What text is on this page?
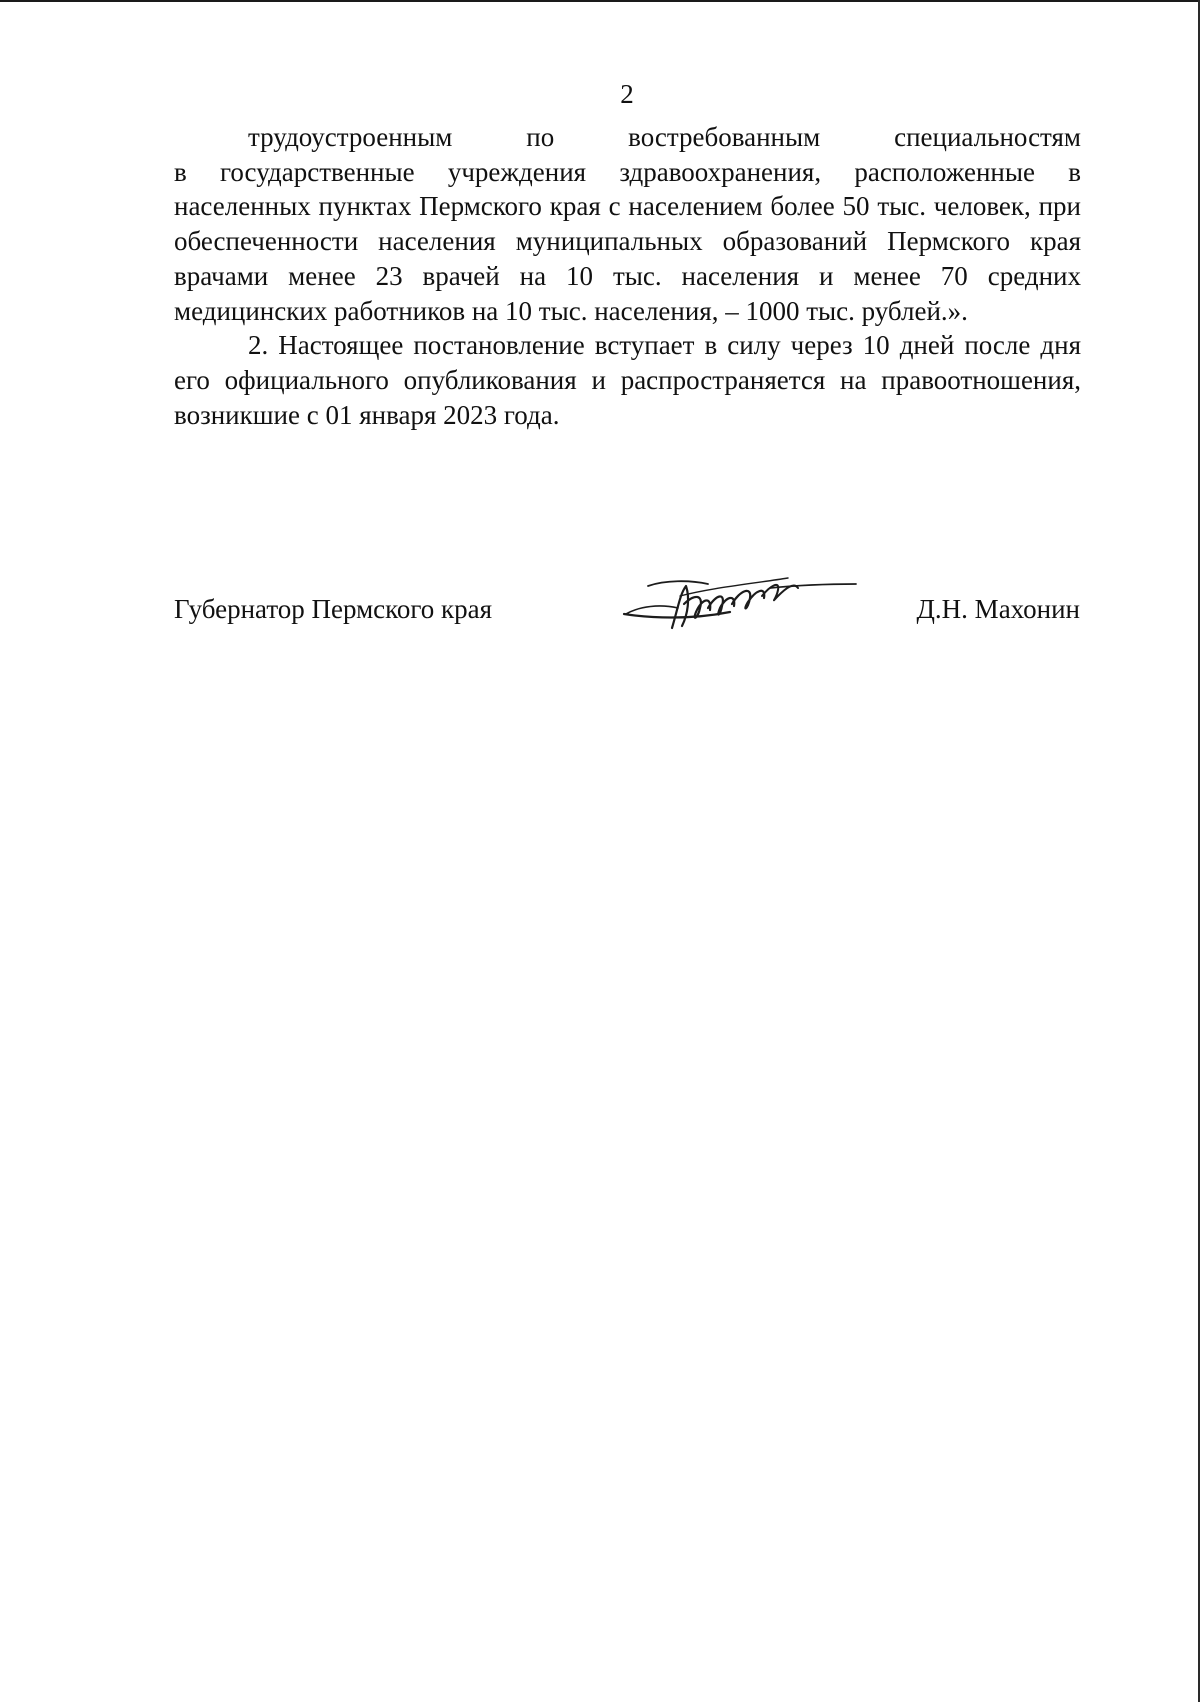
2

трудоустроенным по востребованным специальностям

в государственные учреждения здравоохранения, расположенные в населенных пунктах Пермского края с населением более 50 тыс. человек, при обеспеченности населения муниципальных образований Пермского края врачами менее 23 врачей на 10 тыс. населения и менее 70 средних медицинских работников на 10 тыс. населения, – 1000 тыс. рублей.».

2. Настоящее постановление вступает в силу через 10 дней после дня его официального опубликования и распространяется на правоотношения, возникшие с 01 января 2023 года.

Губернатор Пермского края	Д.Н. Махонин
